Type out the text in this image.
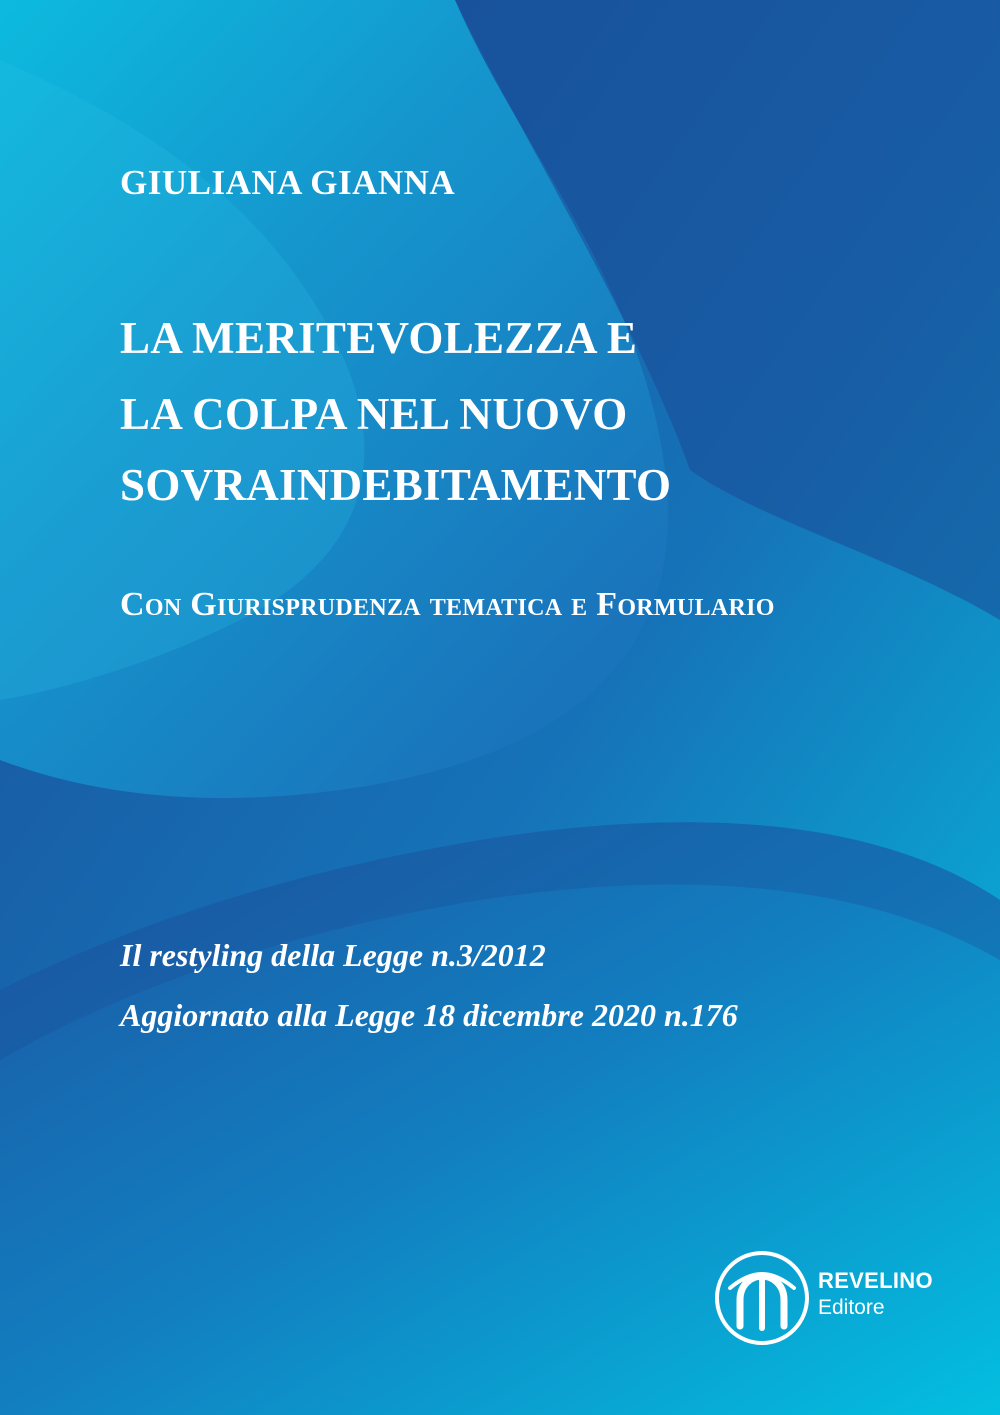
GIULIANA GIANNA
LA MERITEVOLEZZA E
LA COLPA NEL NUOVO
SOVRAINDEBITAMENTO
Con Giurisprudenza tematica e Formulario
Il restyling della Legge n.3/2012
Aggiornato alla Legge 18 dicembre 2020 n.176
REVELINO
Editore
